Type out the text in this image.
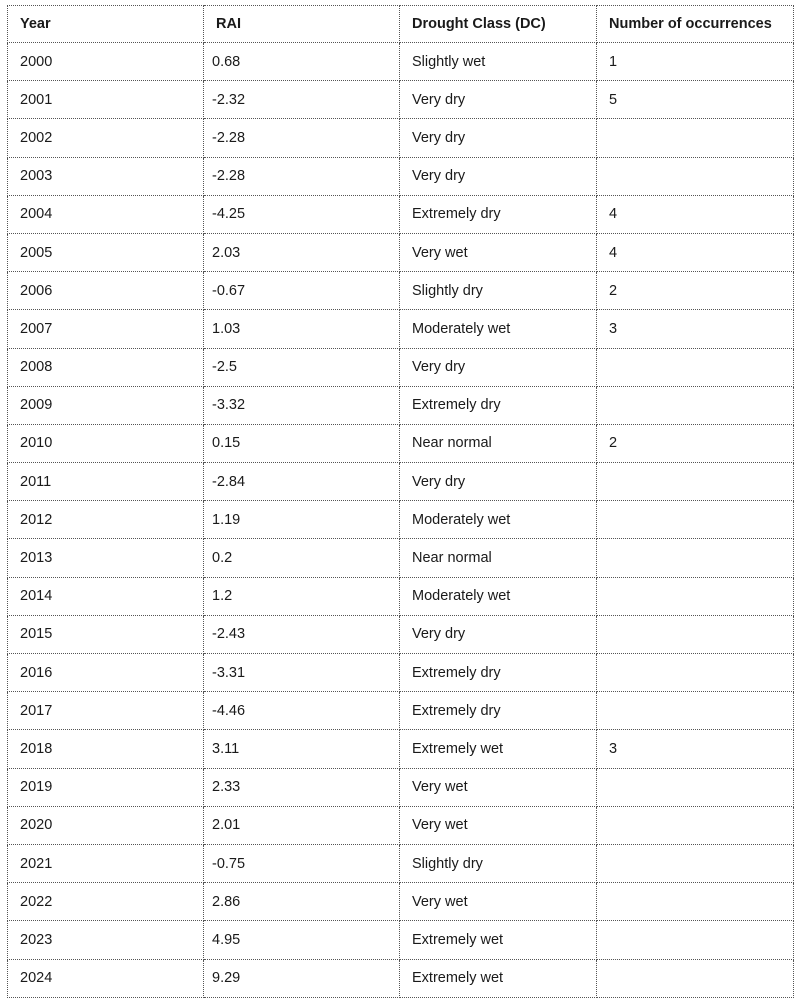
Year	RAI	Drought Class (DC)	Number of occurrences
2000	0.68	Slightly wet	1
2001	-2.32	Very dry	5
2002	-2.28	Very dry	
2003	-2.28	Very dry	
2004	-4.25	Extremely dry	4
2005	2.03	Very wet	4
2006	-0.67	Slightly dry	2
2007	1.03	Moderately wet	3
2008	-2.5	Very dry	
2009	-3.32	Extremely dry	
2010	0.15	Near normal	2
2011	-2.84	Very dry	
2012	1.19	Moderately wet	
2013	0.2	Near normal	
2014	1.2	Moderately wet	
2015	-2.43	Very dry	
2016	-3.31	Extremely dry	
2017	-4.46	Extremely dry	
2018	3.11	Extremely wet	3
2019	2.33	Very wet	
2020	2.01	Very wet	
2021	-0.75	Slightly dry	
2022	2.86	Very wet	
2023	4.95	Extremely wet	
2024	9.29	Extremely wet	
